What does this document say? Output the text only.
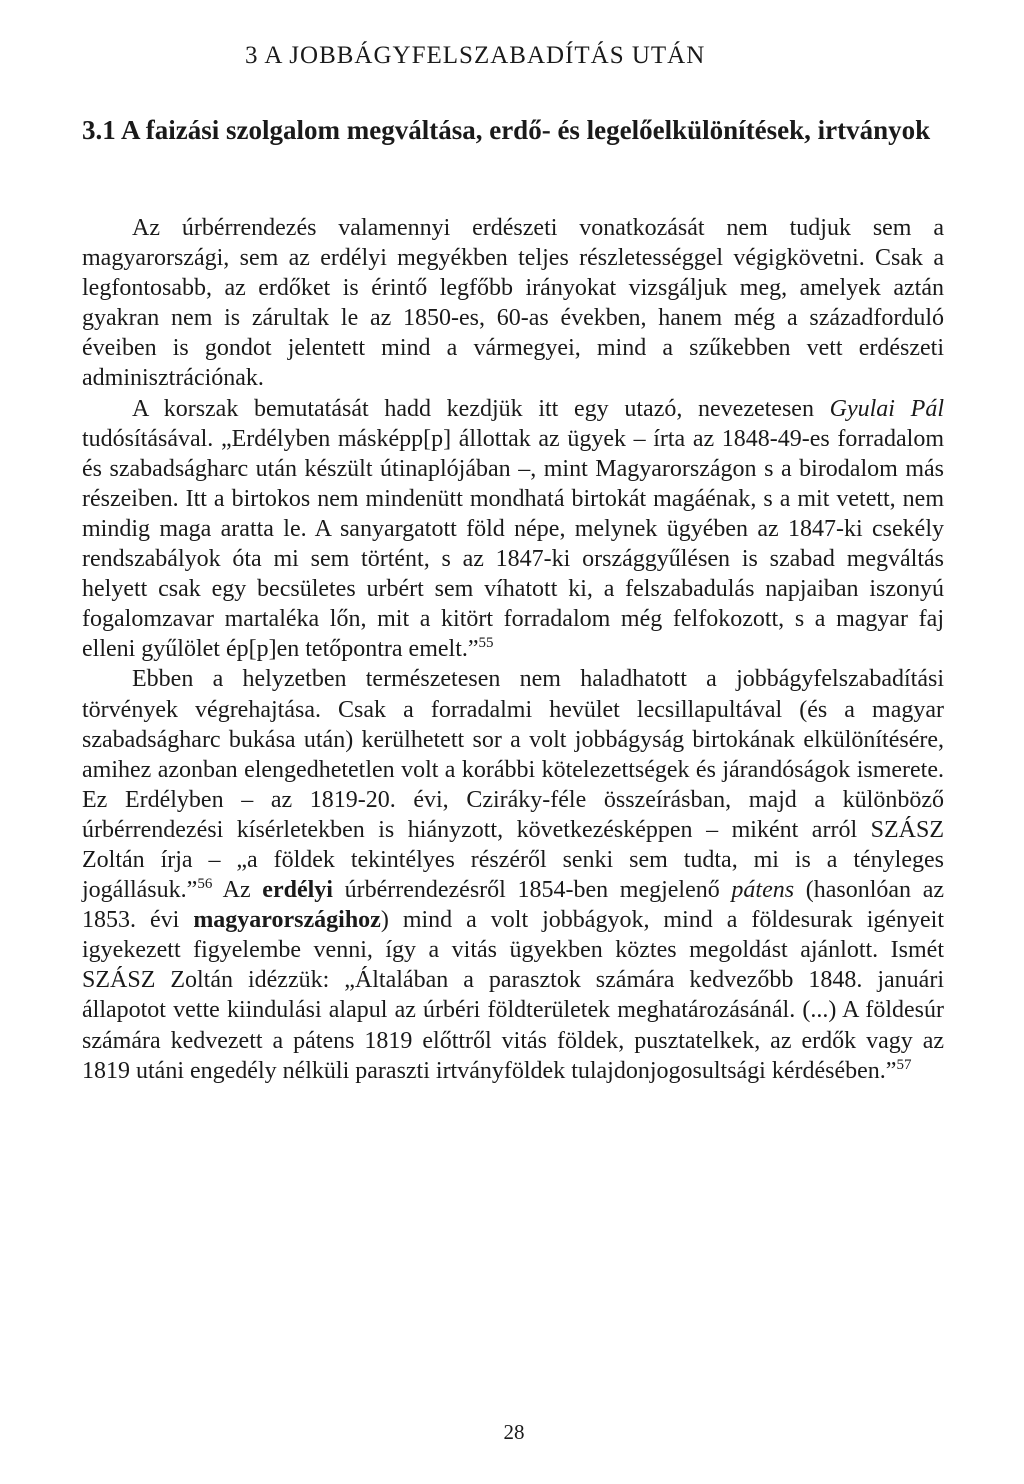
3 A JOBBÁGYFELSZABADÍTÁS UTÁN
3.1 A faizási szolgalom megváltása, erdő- és legelőelkülönítések, irtványok

Az úrbérrendezés valamennyi erdészeti vonatkozását nem tudjuk sem a magyarországi, sem az erdélyi megyékben teljes részletességgel végigkövetni. Csak a legfontosabb, az erdőket is érintő legfőbb irányokat vizsgáljuk meg, amelyek aztán gyakran nem is zárultak le az 1850-es, 60-as években, hanem még a századforduló éveiben is gondot jelentett mind a vármegyei, mind a szűkebben vett erdészeti adminisztrációnak.

A korszak bemutatását hadd kezdjük itt egy utazó, nevezetesen Gyulai Pál tudósításával. „Erdélyben másképp[p] állottak az ügyek – írta az 1848-49-es forradalom és szabadságharc után készült útinaplójában –, mint Magyarországon s a birodalom más részeiben. Itt a birtokos nem mindenütt mondhatá birtokát magáénak, s a mit vetett, nem mindig maga aratta le. A sanyargatott föld népe, melynek ügyében az 1847-ki csekély rendszabályok óta mi sem történt, s az 1847-ki országgyűlésen is szabad megváltás helyett csak egy becsületes urbért sem víhatott ki, a felszabadulás napjaiban iszonyú fogalomzavar martaléka lőn, mit a kitört forradalom még felfokozott, s a magyar faj elleni gyűlölet ép[p]en tetőpontra emelt.”$^{55}$

Ebben a helyzetben természetesen nem haladhatott a jobbágyfelszabadítási törvények végrehajtása. Csak a forradalmi hevület lecsillapultával (és a magyar szabadságharc bukása után) kerülhetett sor a volt jobbágyság birtokának elkülönítésére, amihez azonban elengedhetetlen volt a korábbi kötelezettségek és járandóságok ismerete. Ez Erdélyben – az 1819-20. évi, Cziráky-féle összeírásban, majd a különböző úrbérrendezési kísérletekben is hiányzott, következésképpen – miként arról SZÁSZ Zoltán írja – „a földek tekintélyes részéről senki sem tudta, mi is a tényleges jogállásuk.”$^{56}$ Az erdélyi úrbérrendezésről 1854-ben megjelenő pátens (hasonlóan az 1853. évi magyarországihoz) mind a volt jobbágyok, mind a földesurak igényeit igyekezett figyelembe venni, így a vitás ügyekben köztes megoldást ajánlott. Ismét SZÁSZ Zoltán idézzük: „Általában a parasztok számára kedvezőbb 1848. januári állapotot vette kiindulási alapul az úrbéri földterületek meghatározásánál. (...) A földesúr számára kedvezett a pátens 1819 előttről vitás földek, pusztatelkek, az erdők vagy az 1819 utáni engedély nélküli paraszti irtványföldek tulajdonjogosultsági kérdésében.”$^{57}$

28
